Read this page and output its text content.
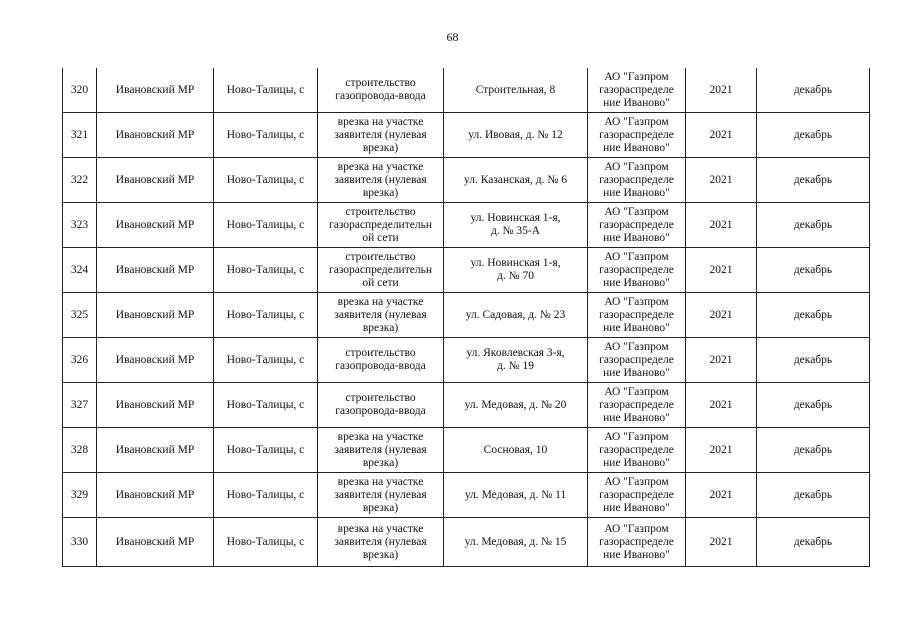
68
320	Ивановский МР	Ново-Талицы, с	строительство
газопровода-ввода	Строительная, 8	АО "Газпром
газораспределе
ние Иваново"	2021	декабрь
321	Ивановский МР	Ново-Талицы, с	врезка на участке
заявителя (нулевая
врезка)	ул. Ивовая, д. № 12	АО "Газпром
газораспределе
ние Иваново"	2021	декабрь
322	Ивановский МР	Ново-Талицы, с	врезка на участке
заявителя (нулевая
врезка)	ул. Казанская, д. № 6	АО "Газпром
газораспределе
ние Иваново"	2021	декабрь
323	Ивановский МР	Ново-Талицы, с	строительство
газораспределительн
ой сети	ул. Новинская 1-я,
д. № 35-А	АО "Газпром
газораспределе
ние Иваново"	2021	декабрь
324	Ивановский МР	Ново-Талицы, с	строительство
газораспределительн
ой сети	ул. Новинская 1-я,
д. № 70	АО "Газпром
газораспределе
ние Иваново"	2021	декабрь
325	Ивановский МР	Ново-Талицы, с	врезка на участке
заявителя (нулевая
врезка)	ул. Садовая, д. № 23	АО "Газпром
газораспределе
ние Иваново"	2021	декабрь
326	Ивановский МР	Ново-Талицы, с	строительство
газопровода-ввода	ул. Яковлевская 3-я,
д. № 19	АО "Газпром
газораспределе
ние Иваново"	2021	декабрь
327	Ивановский МР	Ново-Талицы, с	строительство
газопровода-ввода	ул. Медовая, д. № 20	АО "Газпром
газораспределе
ние Иваново"	2021	декабрь
328	Ивановский МР	Ново-Талицы, с	врезка на участке
заявителя (нулевая
врезка)	Сосновая, 10	АО "Газпром
газораспределе
ние Иваново"	2021	декабрь
329	Ивановский МР	Ново-Талицы, с	врезка на участке
заявителя (нулевая
врезка)	ул. Медовая, д. № 11	АО "Газпром
газораспределе
ние Иваново"	2021	декабрь
330	Ивановский МР	Ново-Талицы, с	врезка на участке
заявителя (нулевая
врезка)	ул. Медовая, д. № 15	АО "Газпром
газораспределе
ние Иваново"	2021	декабрь
